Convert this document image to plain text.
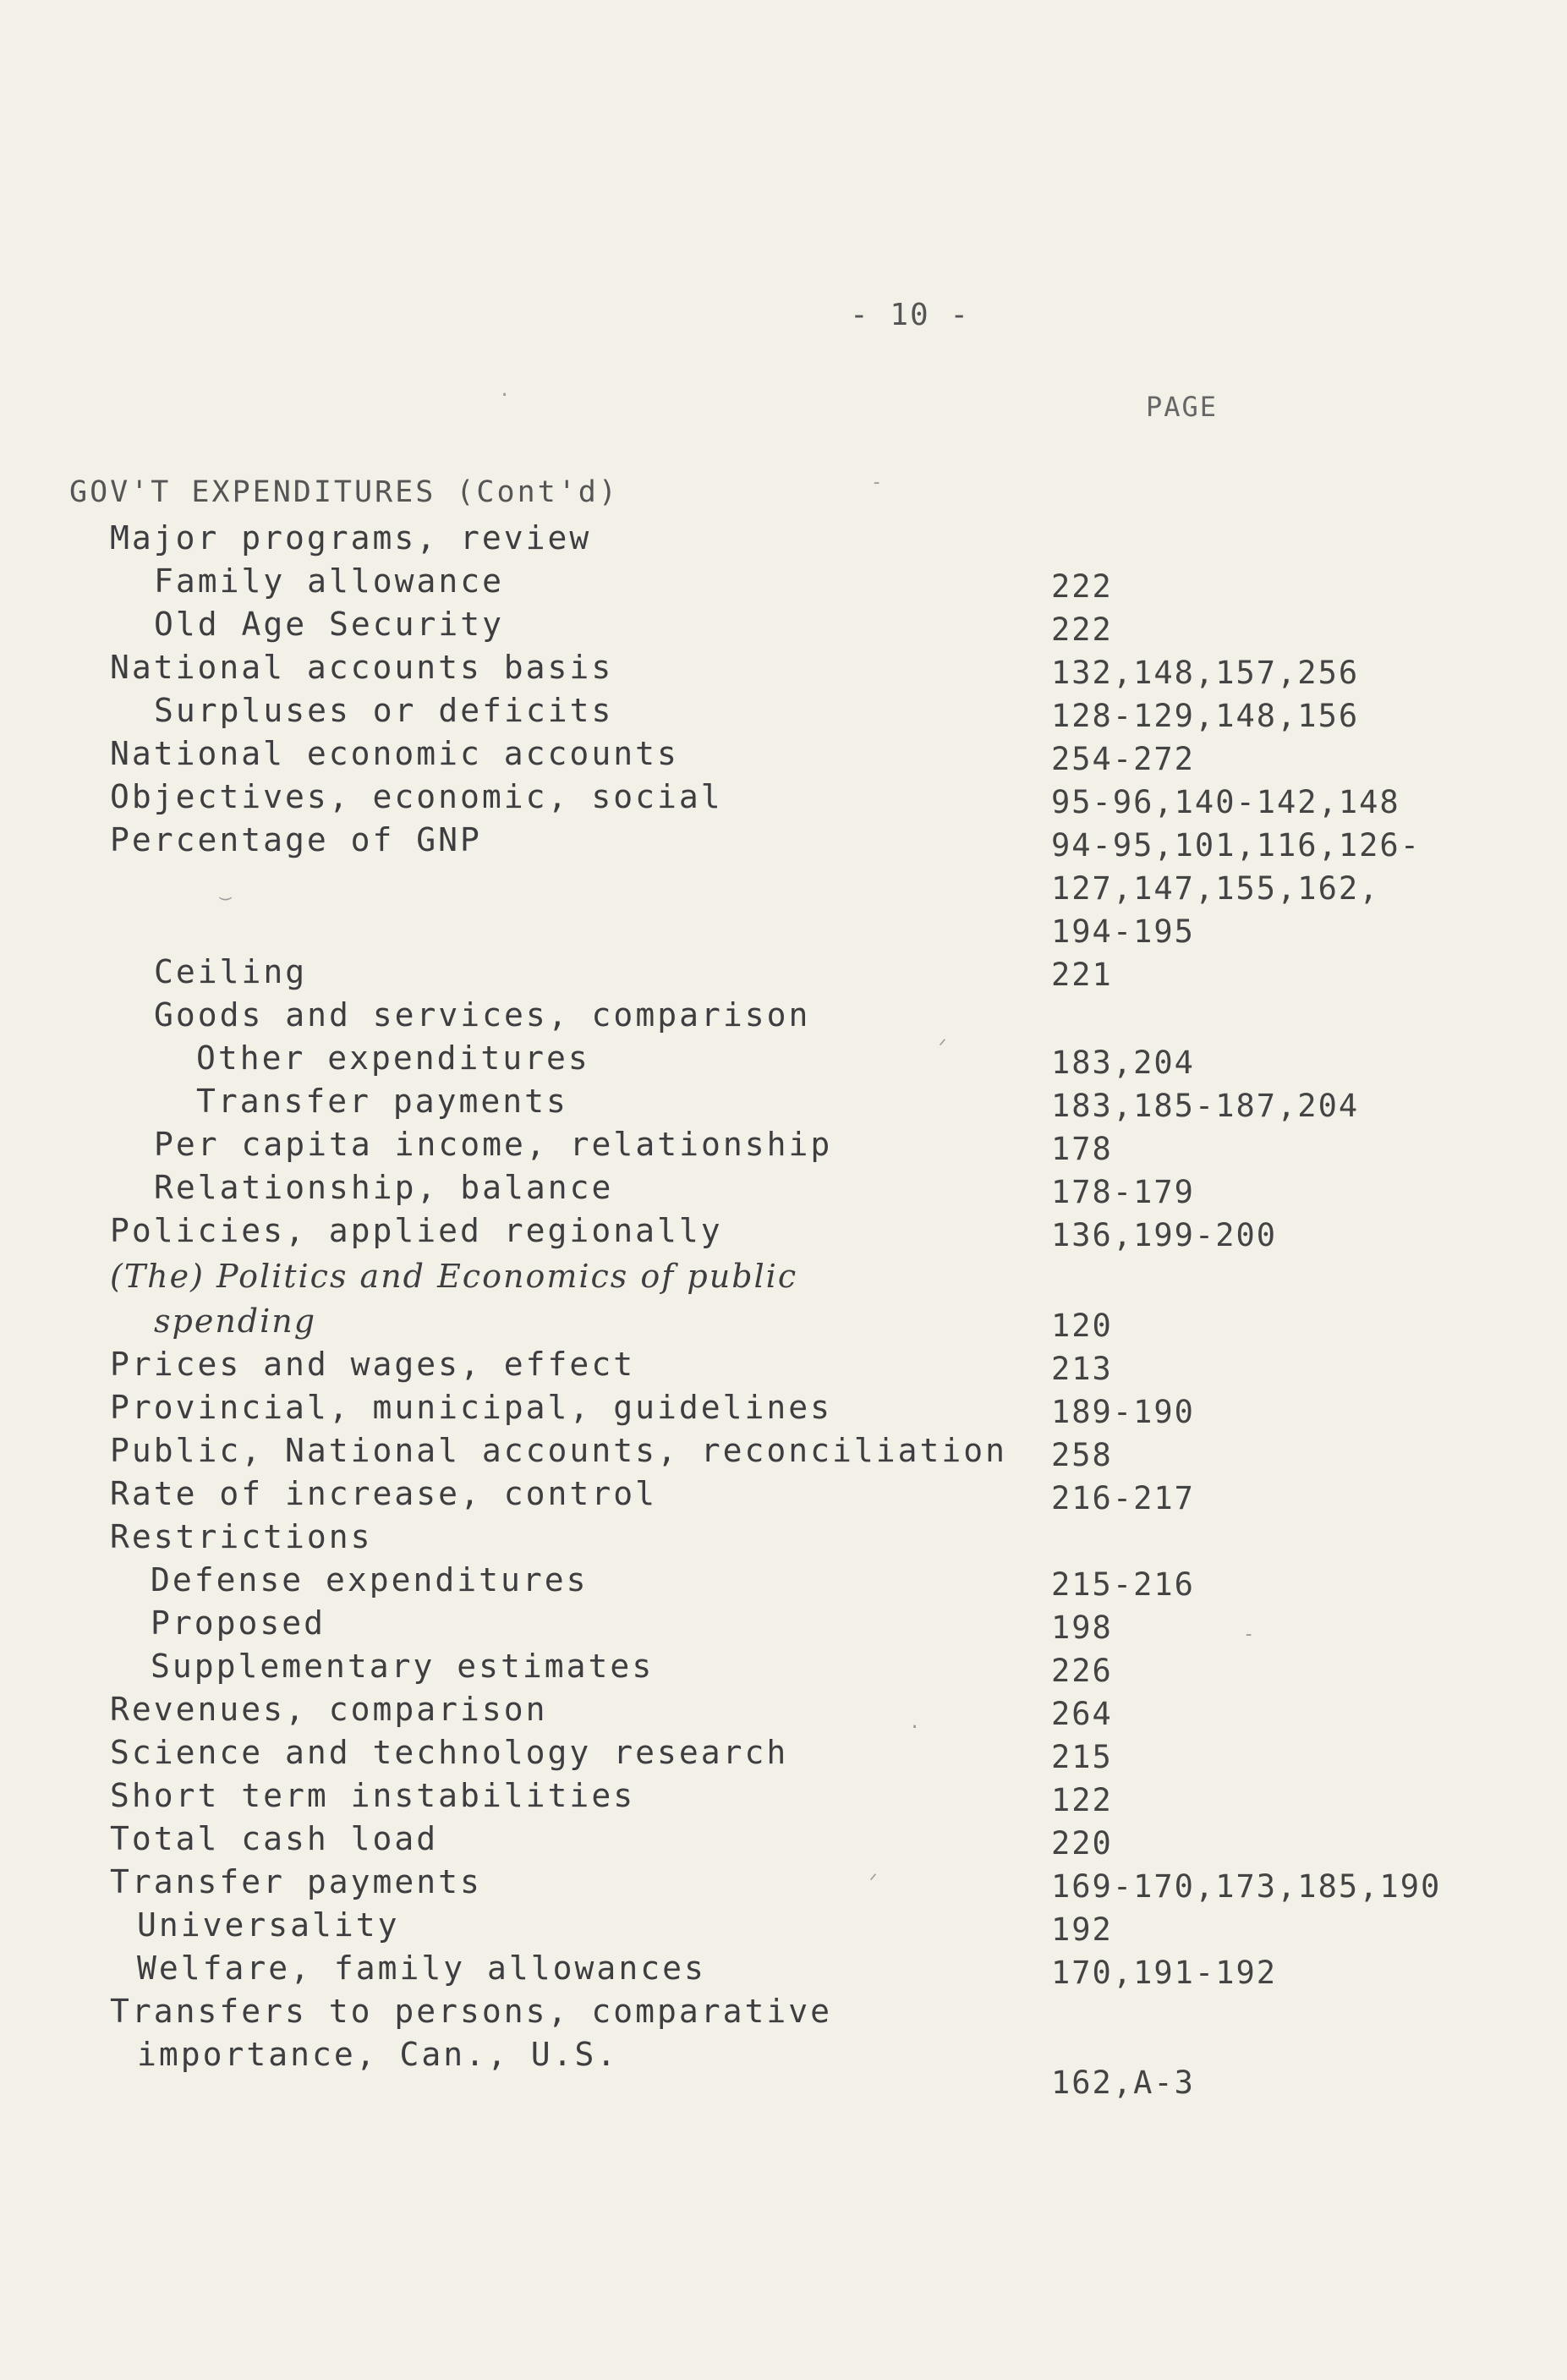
- 10 -
PAGE
GOV'T EXPENDITURES (Cont'd)
Major programs, review
Family allowance
Old Age Security
National accounts basis
Surpluses or deficits
National economic accounts
Objectives, economic, social
Percentage of GNP
Ceiling
Goods and services, comparison
Other expenditures
Transfer payments
Per capita income, relationship
Relationship, balance
Policies, applied regionally
(The) Politics and Economics of public
spending
Prices and wages, effect
Provincial, municipal, guidelines
Public, National accounts, reconciliation
Rate of increase, control
Restrictions
Defense expenditures
Proposed
Supplementary estimates
Revenues, comparison
Science and technology research
Short term instabilities
Total cash load
Transfer payments
Universality
Welfare, family allowances
Transfers to persons, comparative
importance, Can., U.S.
222
222
132,148,157,256
128-129,148,156
254-272
95-96,140-142,148
94-95,101,116,126-
127,147,155,162,
194-195
221
183,204
183,185-187,204
178
178-179
136,199-200
120
213
189-190
258
216-217
215-216
198
226
264
215
122
220
169-170,173,185,190
192
170,191-192
162,A-3
-
·
‿
ᐟ
ᐟ
-
·
